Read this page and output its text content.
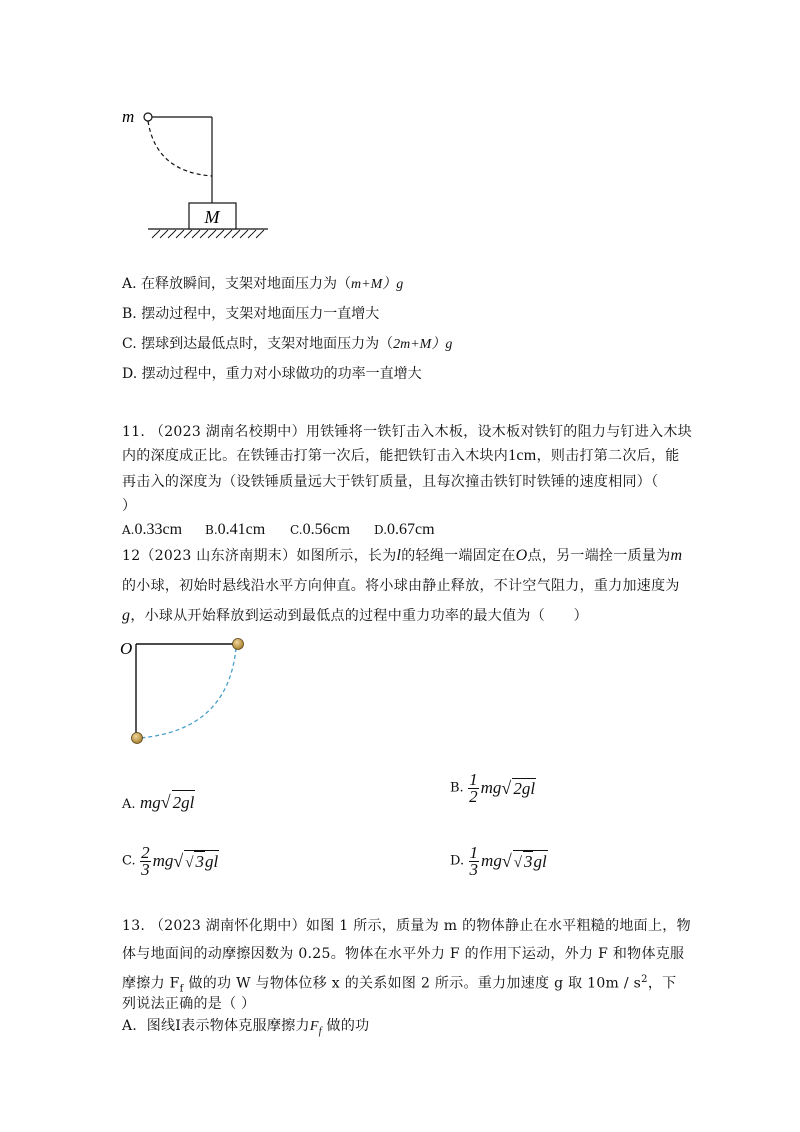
M
m
A. 在释放瞬间，支架对地面压力为（m+M）g
B. 摆动过程中，支架对地面压力一直增大
C. 摆球到达最低点时，支架对地面压力为（2m+M）g
D. 摆动过程中，重力对小球做功的功率一直增大
11. （2023 湖南名校期中）用铁锤将一铁钉击入木板，设木板对铁钉的阻力与钉进入木块
内的深度成正比。在铁锤击打第一次后，能把铁钉击入木块内1cm，则击打第二次后，能
再击入的深度为（设铁锤质量远大于铁钉质量，且每次撞击铁钉时铁锤的速度相同）（
）
A.0.33cm B.0.41cm C.0.56cm D.0.67cm
12（2023 山东济南期末）如图所示，长为l的轻绳一端固定在O点，另一端拴一质量为m
的小球，初始时悬线沿水平方向伸直。将小球由静止释放，不计空气阻力，重力加速度为
g，小球从开始释放到运动到最低点的过程中重力功率的最大值为（　　）
O
A. mg√ 2gl
B. $\frac{1}{2} mg√$ 2gl
C. $\frac{2}{3} mg√$ √ 3gl	D. $\frac{1}{3} mg√$ √ 3gl
13. （2023 湖南怀化期中）如图 1 所示，质量为 m 的物体静止在水平粗糙的地面上，物
体与地面间的动摩擦因数为 0.25。物体在水平外力 F 的作用下运动，外力 F 和物体克服
摩擦力 $F_f$ 做的功 W 与物体位移 x 的关系如图 2 所示。重力加速度 g 取 $10m / s^2$，下
列说法正确的是（ ）
A．图线Ⅰ表示物体克服摩擦力$F_f$ 做的功
